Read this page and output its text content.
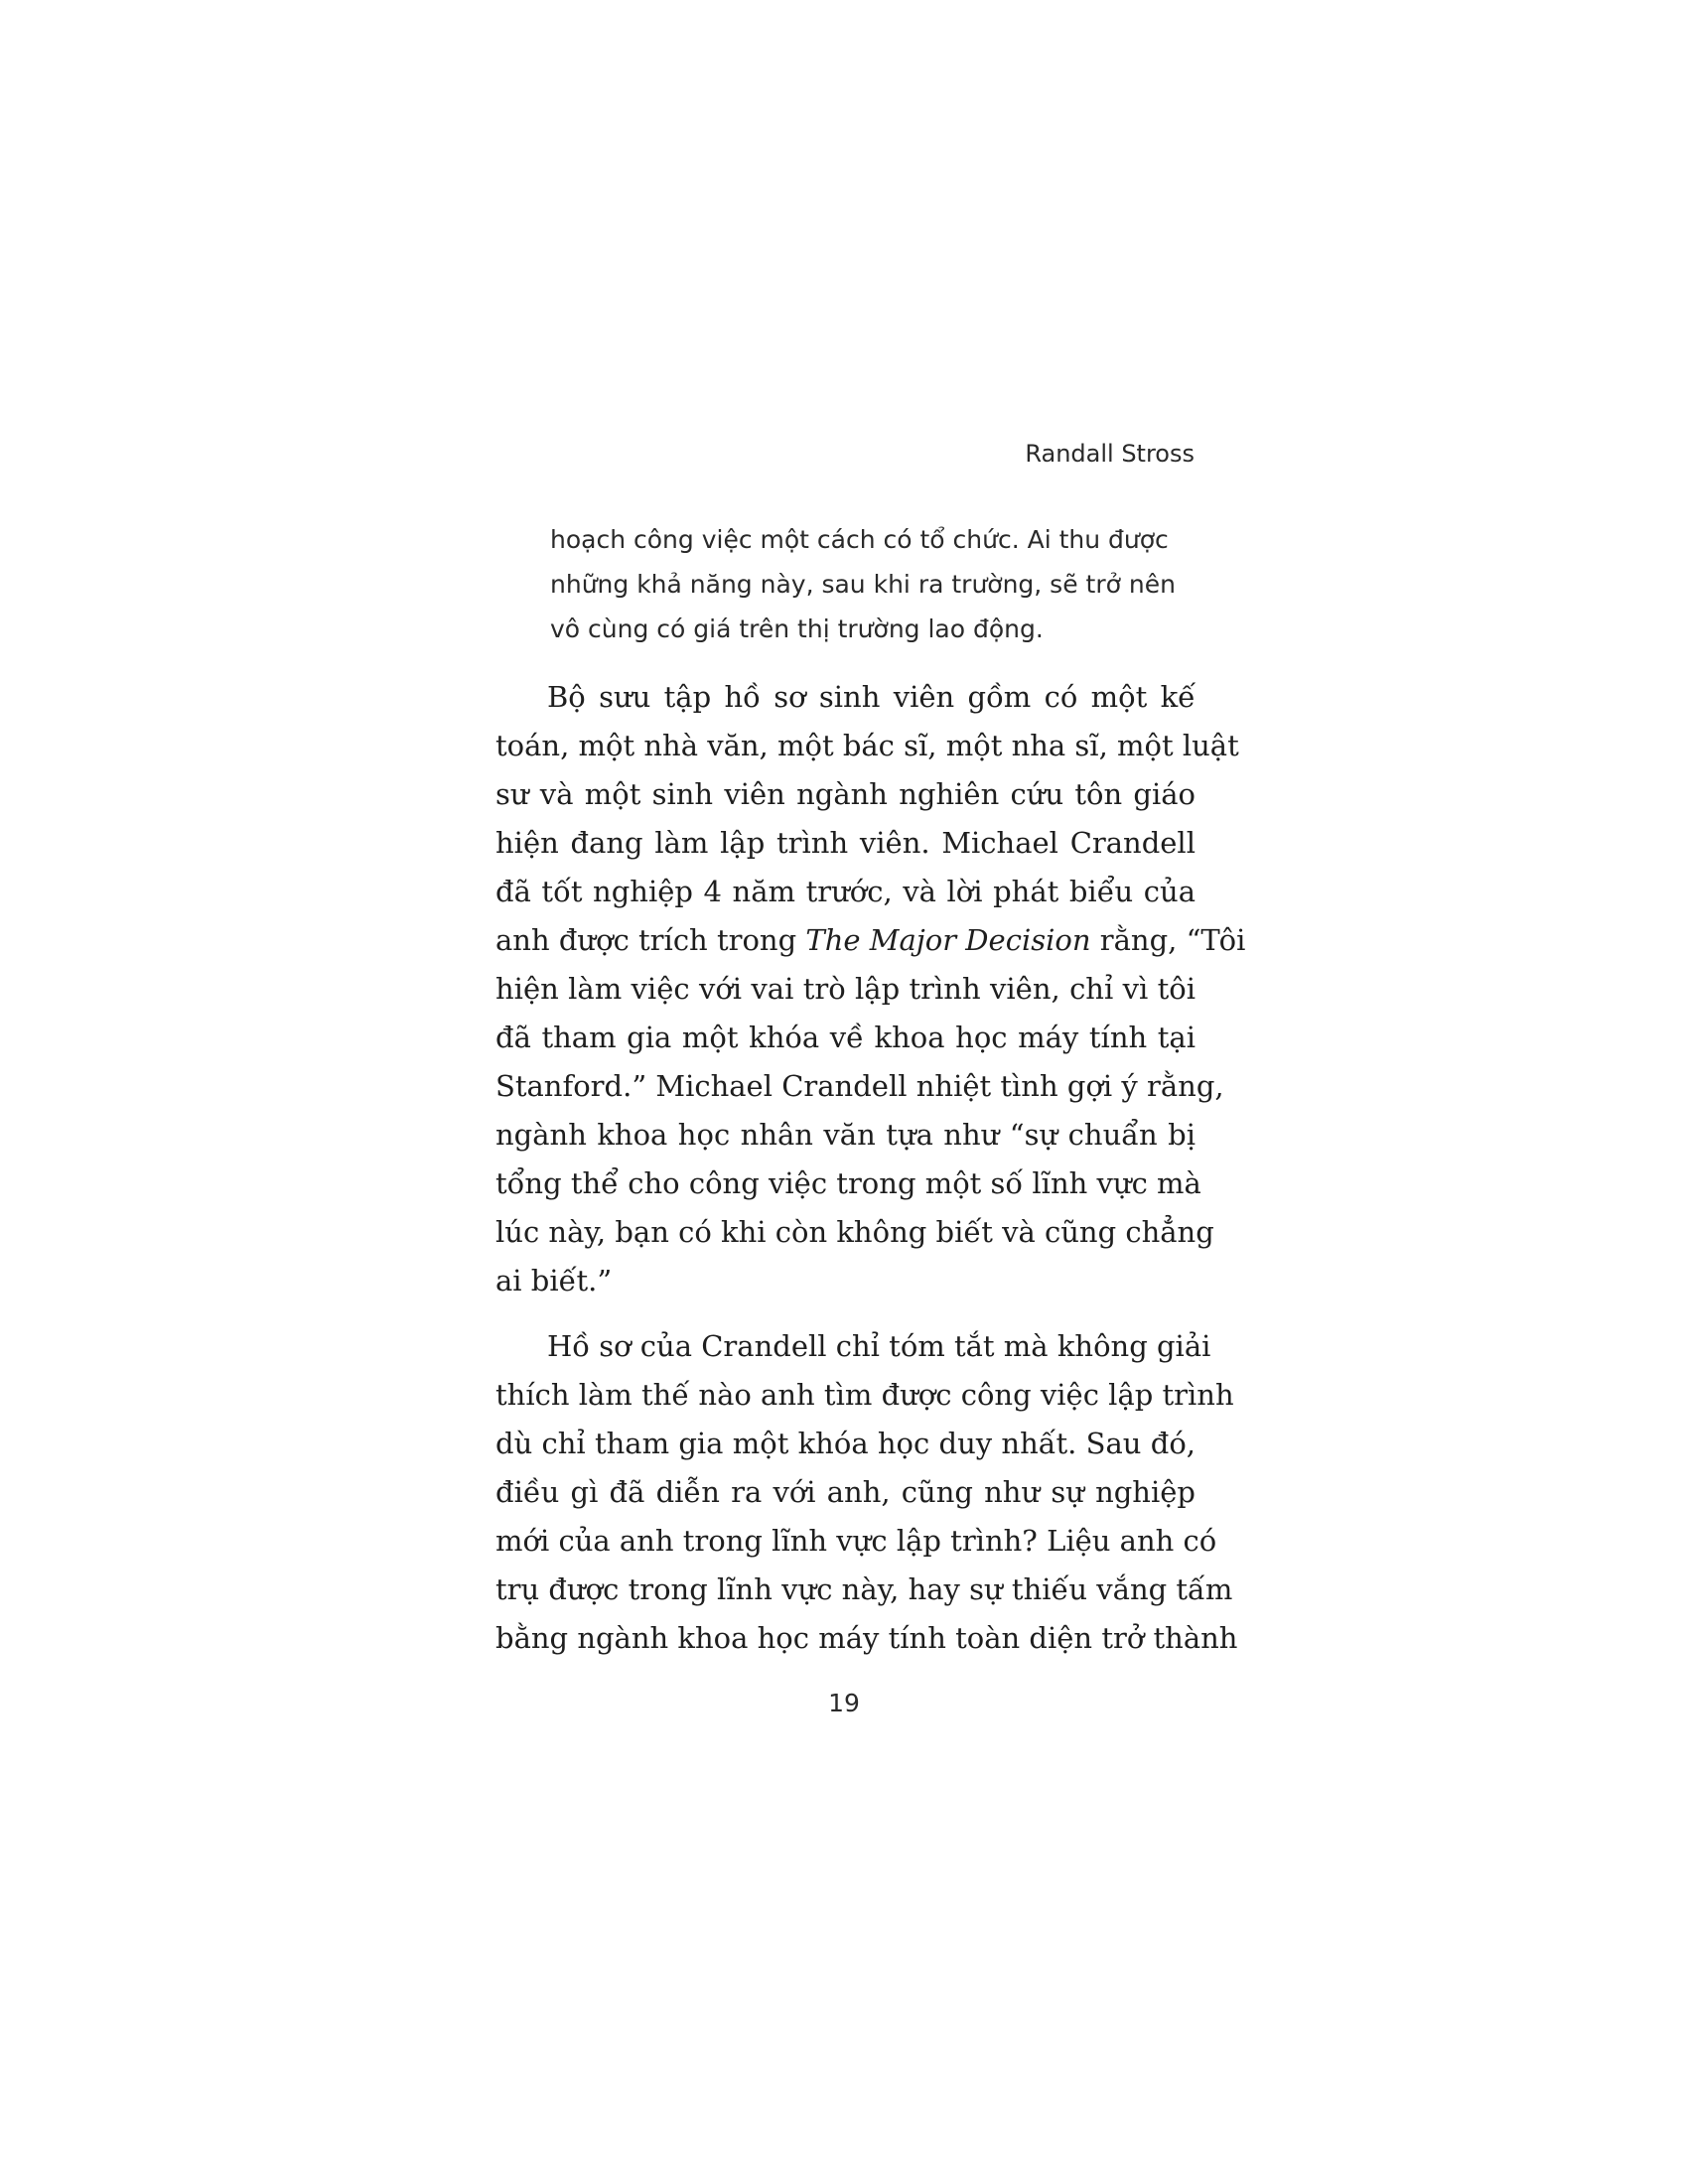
Randall Stross
hoạch công việc một cách có tổ chức. Ai thu được
những khả năng này, sau khi ra trường, sẽ trở nên
vô cùng có giá trên thị trường lao động.
Bộ sưu tập hồ sơ sinh viên gồm có một kế
toán, một nhà văn, một bác sĩ, một nha sĩ, một luật
sư và một sinh viên ngành nghiên cứu tôn giáo
hiện đang làm lập trình viên. Michael Crandell
đã tốt nghiệp 4 năm trước, và lời phát biểu của
anh được trích trong The Major Decision rằng, “Tôi
hiện làm việc với vai trò lập trình viên, chỉ vì tôi
đã tham gia một khóa về khoa học máy tính tại
Stanford.” Michael Crandell nhiệt tình gợi ý rằng,
ngành khoa học nhân văn tựa như “sự chuẩn bị
tổng thể cho công việc trong một số lĩnh vực mà
lúc này, bạn có khi còn không biết và cũng chẳng
ai biết.”
Hồ sơ của Crandell chỉ tóm tắt mà không giải
thích làm thế nào anh tìm được công việc lập trình
dù chỉ tham gia một khóa học duy nhất. Sau đó,
điều gì đã diễn ra với anh, cũng như sự nghiệp
mới của anh trong lĩnh vực lập trình? Liệu anh có
trụ được trong lĩnh vực này, hay sự thiếu vắng tấm
bằng ngành khoa học máy tính toàn diện trở thành
19
